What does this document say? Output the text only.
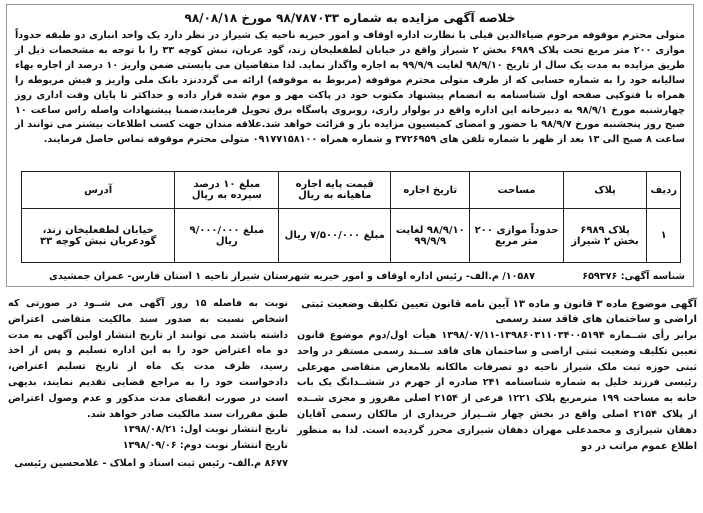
خلاصه آگهی مزایده به شماره ۹۸/۷۸۷۰۳۳ مورخ ۹۸/۰۸/۱۸
متولی محترم موقوفه مرحوم ضیاءالدین قیلی با نظارت اداره اوقاف و امور خیریه ناحیه یک شیراز در نظر دارد یک واحد انباری دو طبقه حدوداً موازی ۲۰۰ متر مربع تحت پلاک ۶۹۸۹ بخش ۲ شیراز واقع در خیابان لطفعلیخان زند، گود عربان، نبش کوچه ۳۳ را با توجه به مشخصات ذیل از طریق مزایده به مدت یک سال از تاریخ ۹۸/۹/۱۰ لغایت ۹۹/۹/۹ به اجاره واگذار نماید. لذا متقاضیان می بایستی ضمن واریز ۱۰ درصد از اجاره بهاء سالیانه خود را به شماره حسابی که از طرف متولی محترم موقوفه (مربوط به موقوفه) ارائه می گرددنزد بانک ملی واریز و فیش مربوطه را همراه با فتوکپی صفحه اول شناسنامه به انضمام پیشنهاد مکتوب خود در پاکت مهر و موم شده قرار داده و حداکثر تا پایان وقت اداری روز چهارشنبه مورخ ۹۸/۹/۱ به دبیرخانه این اداره واقع در بولوار رازی، روبروی پاسگاه برق تحویل فرمایند،ضمنا پیشنهادات واصله راس ساعت ۱۰ صبح روز پنجشنبه مورخ ۹۸/۹/۷ با حضور و امضای کمیسیون مزایده باز و قرائت خواهد شد.علاقه مندان جهت کسب اطلاعات بیشتر می توانند از ساعت ۸ صبح الی ۱۳ بعد از ظهر با شماره تلفن های ۳۷۲۶۹۵۹ و شماره همراه ۰۹۱۷۷۱۵۸۱۰۰ متولی محترم موقوفه تماس حاصل فرمایند.
ردیف	پلاک	مساحت	تاریخ اجاره	قیمت پایه اجاره ماهیانه به ریال	مبلغ ۱۰ درصد سپرده به ریال	آدرس
۱	پلاک ۶۹۸۹ بخش ۲ شیراز	حدوداً موازی ۲۰۰ متر مربع	۹۸/۹/۱۰ لغایت ۹۹/۹/۹	مبلغ ۷/۵۰۰/۰۰۰ ریال	مبلغ ۹/۰۰۰/۰۰۰ ریال	خیابان لطفعلیخان زند، گودعربان نبش کوچه ۳۳
شناسه آگهی: ۶۵۹۳۷۶
۱۰۵۸۷/ م.الف- رئیس اداره اوقاف و امور خیریه شهرستان شیراز ناحیه ۱ استان فارس- عمران جمشیدی
آگهی موضوع ماده ۳ قانون و ماده ۱۳ آیین نامه قانون تعیین تکلیف وضعیت ثبتی اراضی و ساختمان های فاقد سند رسمی
برابر رأی شــماره ۱۳۹۸۶۰۳۱۱۰۳۴۰۰۵۱۹۴-۱۳۹۸/۰۷/۱۱ هیأت اول/دوم موضوع قانون تعیین تکلیف وضعیت ثبتی اراضی و ساختمان های فاقد ســند رسمی مستقر در واحد ثبتی حوزه ثبت ملک شیراز ناحیه دو تصرفات مالکانه بلامعارض متقاضی مهرعلی رئیسی فرزند خلیل به شماره شناسنامه ۲۴۱ صادره از جهرم در ششــدانگ یک باب خانه به مساحت ۱۹۹ مترمربع پلاک ۱۲۲۱ فرعی از ۲۱۵۴ اصلی مفروز و مجزی شــده از پلاک ۲۱۵۴ اصلی واقع در بخش چهار شــیراز خریداری از مالکان رسمی آقایان دهقان شیرازی و محمدعلی مهران دهقان شیرازی محرز گردیده است. لذا به منظور اطلاع عموم مراتب در دو
نوبت به فاصله ۱۵ روز آگهی می شــود در صورتی که اشخاص نسبت به صدور سند مالکیت متقاضی اعتراض داشته باشند می توانند از تاریخ انتشار اولین آگهی به مدت دو ماه اعتراض خود را به این اداره تسلیم و پس از اخذ رسید، ظرف مدت یک ماه از تاریخ تسلیم اعتراض، دادخواست خود را به مراجع قضایی تقدیم نمایند، بدیهی است در صورت انقضای مدت مذکور و عدم وصول اعتراض طبق مقررات سند مالکیت صادر خواهد شد.
تاریخ انتشار نوبت اول: ۱۳۹۸/۰۸/۲۱
تاریخ انتشار نوبت دوم: ۱۳۹۸/۰۹/۰۶
۸۶۷۷ م.الف- رئیس ثبت اسناد و املاک - غلامحسین رئیسی
